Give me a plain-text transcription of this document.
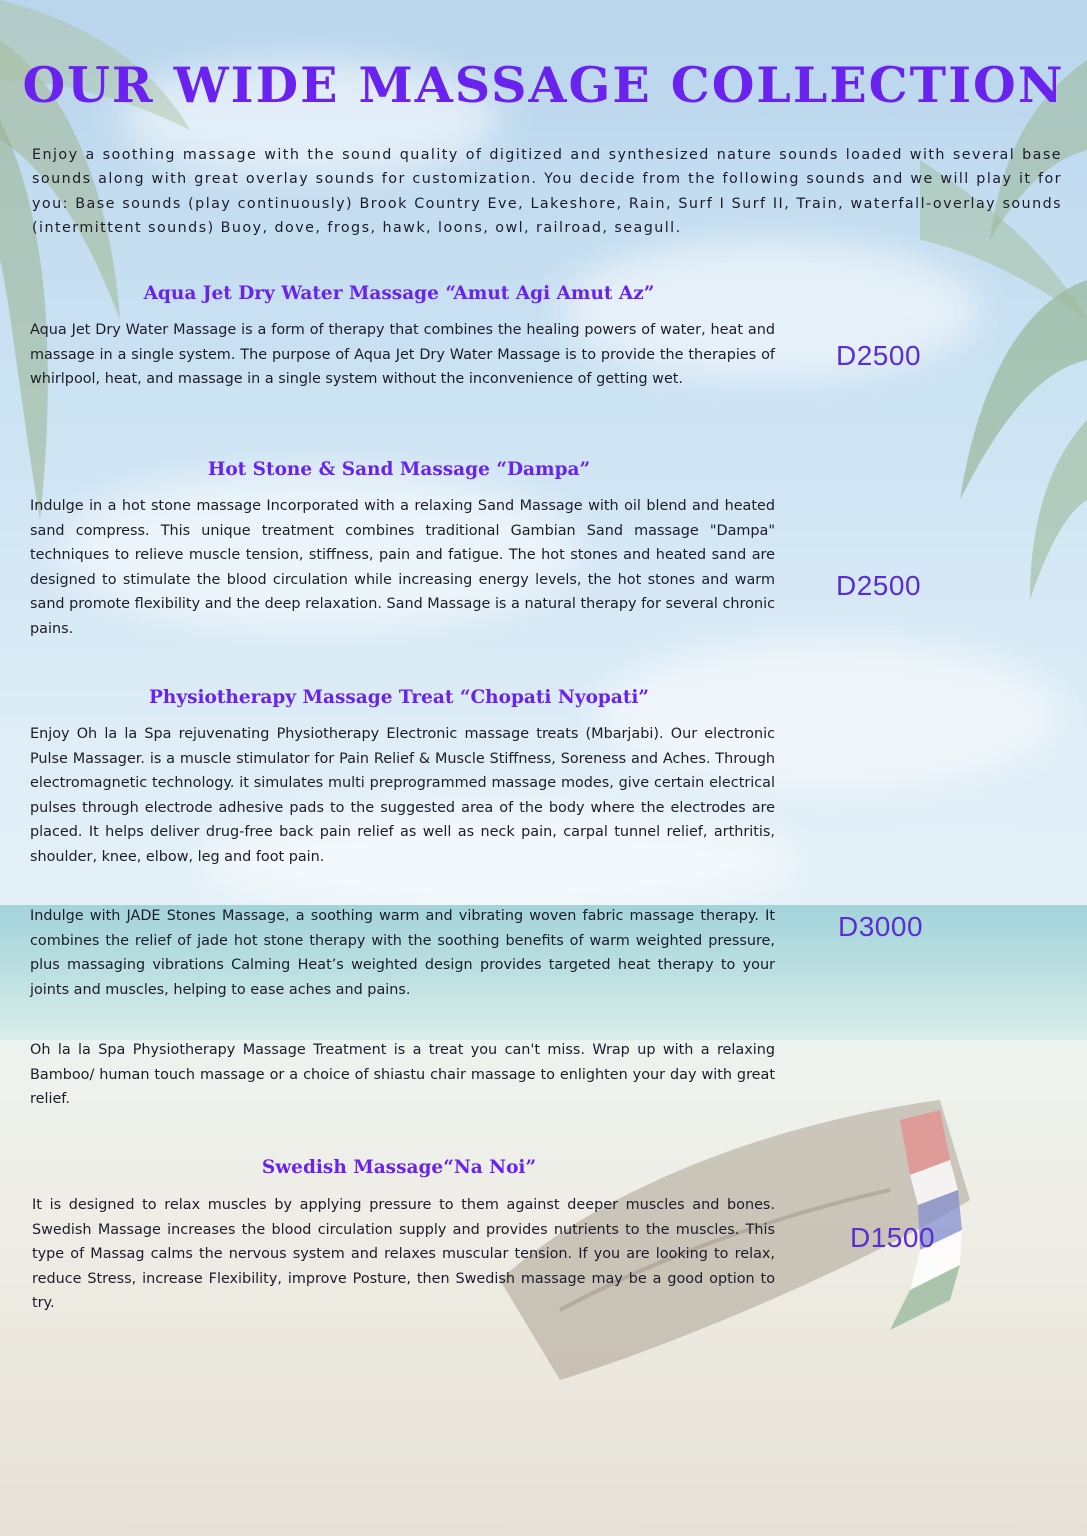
OUR WIDE MASSAGE COLLECTION

Enjoy a soothing massage with the sound quality of digitized and synthesized nature sounds loaded with several base sounds along with great overlay sounds for customization. You decide from the following sounds and we will play it for you: Base sounds (play continuously) Brook Country Eve, Lakeshore, Rain, Surf I Surf II, Train, waterfall-overlay sounds (intermittent sounds) Buoy, dove, frogs, hawk, loons, owl, railroad, seagull.

Aqua Jet Dry Water Massage “Amut Agi Amut Az”

Aqua Jet Dry Water Massage is a form of therapy that combines the healing powers of water, heat and massage in a single system. The purpose of Aqua Jet Dry Water Massage is to provide the therapies of whirlpool, heat, and massage in a single system without the inconvenience of getting wet.

D2500
Hot Stone & Sand Massage “Dampa”

Indulge in a hot stone massage Incorporated with a relaxing Sand Massage with oil blend and heated sand compress. This unique treatment combines traditional Gambian Sand massage "Dampa" techniques to relieve muscle tension, stiffness, pain and fatigue. The hot stones and heated sand are designed to stimulate the blood circulation while increasing energy levels, the hot stones and warm sand promote flexibility and the deep relaxation. Sand Massage is a natural therapy for several chronic pains.

D2500
Physiotherapy Massage Treat “Chopati Nyopati”

Enjoy Oh la la Spa rejuvenating Physiotherapy Electronic massage treats (Mbarjabi). Our electronic Pulse Massager. is a muscle stimulator for Pain Relief & Muscle Stiffness, Soreness and Aches. Through electromagnetic technology. it simulates multi preprogrammed massage modes, give certain electrical pulses through electrode adhesive pads to the suggested area of the body where the electrodes are placed. It helps deliver drug-free back pain relief as well as neck pain, carpal tunnel relief, arthritis, shoulder, knee, elbow, leg and foot pain.

Indulge with JADE Stones Massage, a soothing warm and vibrating woven fabric massage therapy. It combines the relief of jade hot stone therapy with the soothing benefits of warm weighted pressure, plus massaging vibrations Calming Heat’s weighted design provides targeted heat therapy to your joints and muscles, helping to ease aches and pains.

Oh la la Spa Physiotherapy Massage Treatment is a treat you can't miss. Wrap up with a relaxing Bamboo/ human touch massage or a choice of shiastu chair massage to enlighten your day with great relief.

D3000
Swedish Massage“Na Noi”

It is designed to relax muscles by applying pressure to them against deeper muscles and bones. Swedish Massage increases the blood circulation supply and provides nutrients to the muscles. This type of Massag calms the nervous system and relaxes muscular tension. If you are looking to relax, reduce Stress, increase Flexibility, improve Posture, then Swedish massage may be a good option to try.

D1500
